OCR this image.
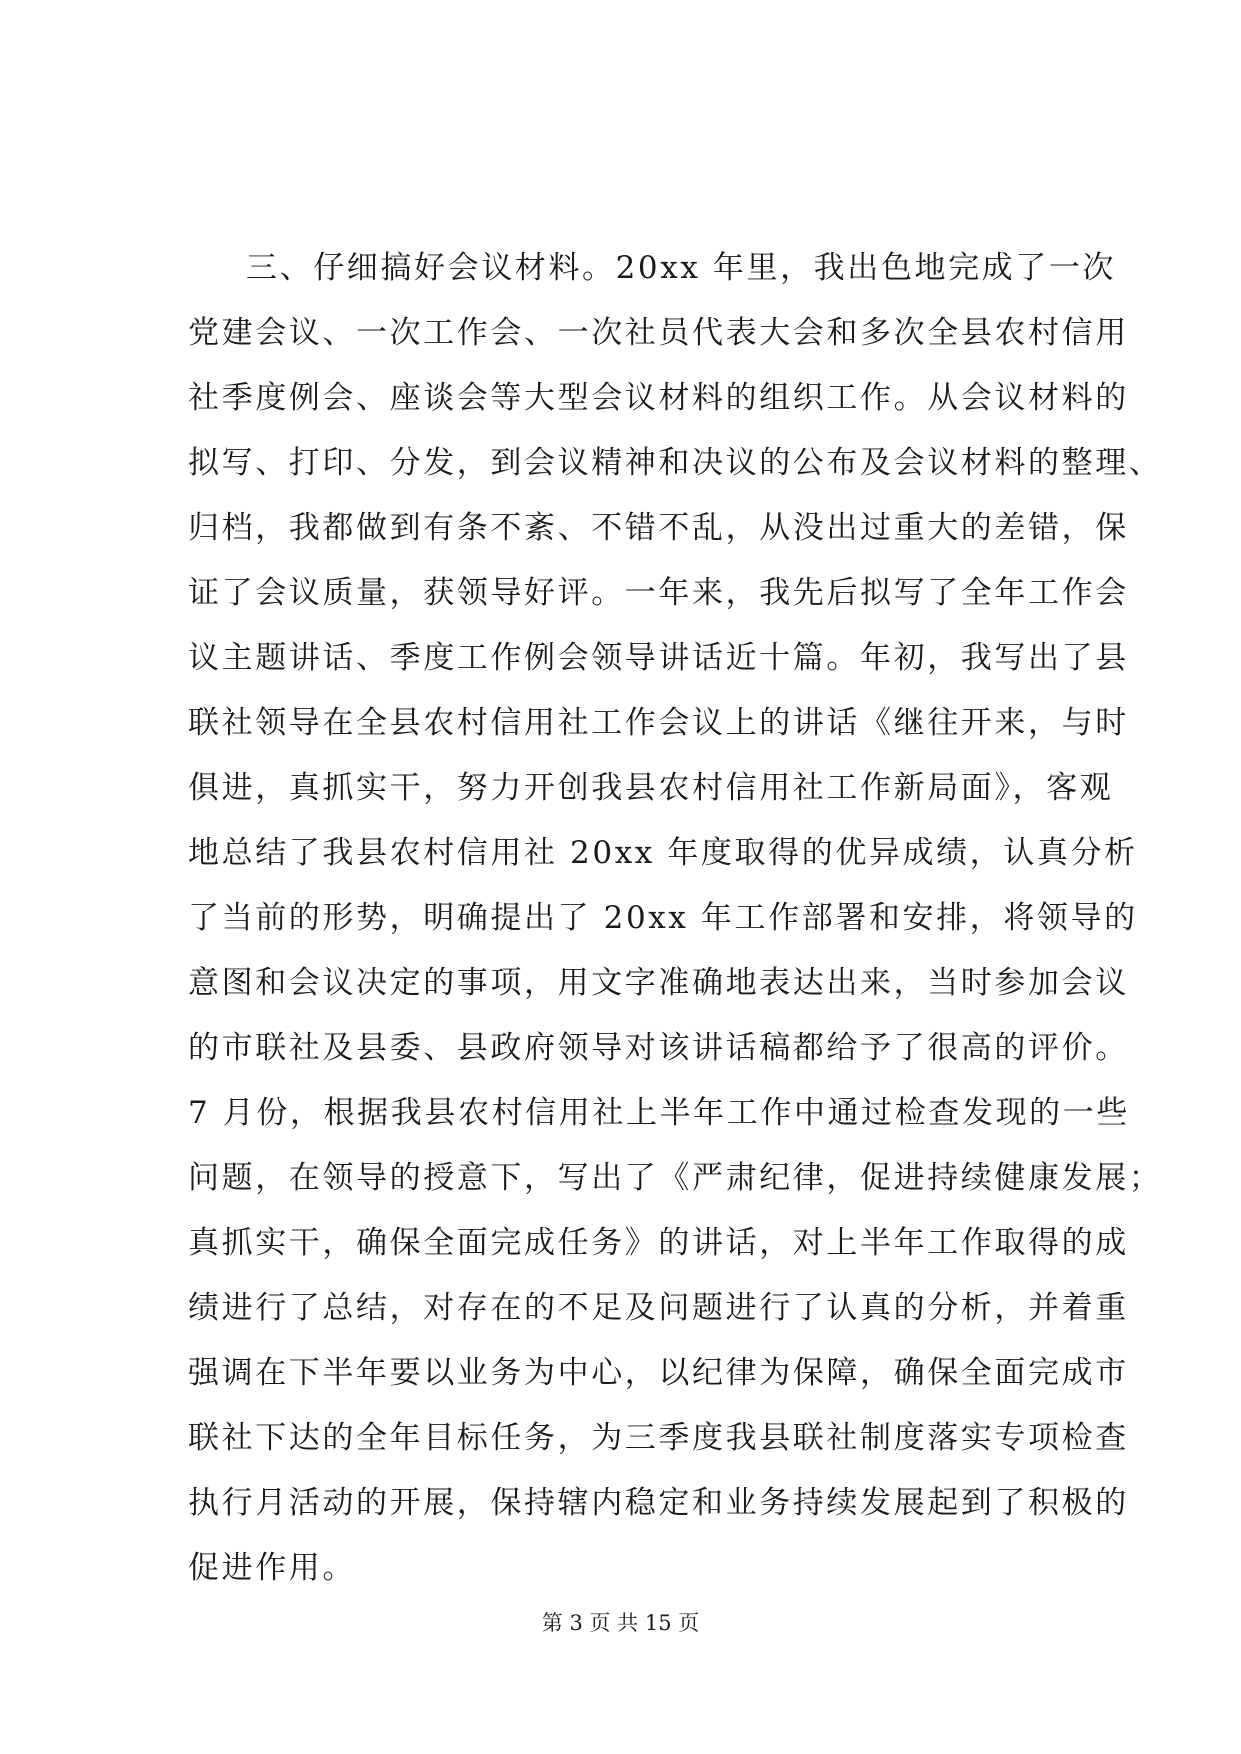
三、仔细搞好会议材料。20xx 年里，我出色地完成了一次
党建会议、一次工作会、一次社员代表大会和多次全县农村信用
社季度例会、座谈会等大型会议材料的组织工作。从会议材料的
拟写、打印、分发，到会议精神和决议的公布及会议材料的整理、
归档，我都做到有条不紊、不错不乱，从没出过重大的差错，保
证了会议质量，获领导好评。一年来，我先后拟写了全年工作会
议主题讲话、季度工作例会领导讲话近十篇。年初，我写出了县
联社领导在全县农村信用社工作会议上的讲话《继往开来，与时
俱进，真抓实干，努力开创我县农村信用社工作新局面》，客观
地总结了我县农村信用社 20xx 年度取得的优异成绩，认真分析
了当前的形势，明确提出了 20xx 年工作部署和安排，将领导的
意图和会议决定的事项，用文字准确地表达出来，当时参加会议
的市联社及县委、县政府领导对该讲话稿都给予了很高的评价。
7 月份，根据我县农村信用社上半年工作中通过检查发现的一些
问题，在领导的授意下，写出了《严肃纪律，促进持续健康发展；
真抓实干，确保全面完成任务》的讲话，对上半年工作取得的成
绩进行了总结，对存在的不足及问题进行了认真的分析，并着重
强调在下半年要以业务为中心，以纪律为保障，确保全面完成市
联社下达的全年目标任务，为三季度我县联社制度落实专项检查
执行月活动的开展，保持辖内稳定和业务持续发展起到了积极的
促进作用。
第 3 页 共 15 页
